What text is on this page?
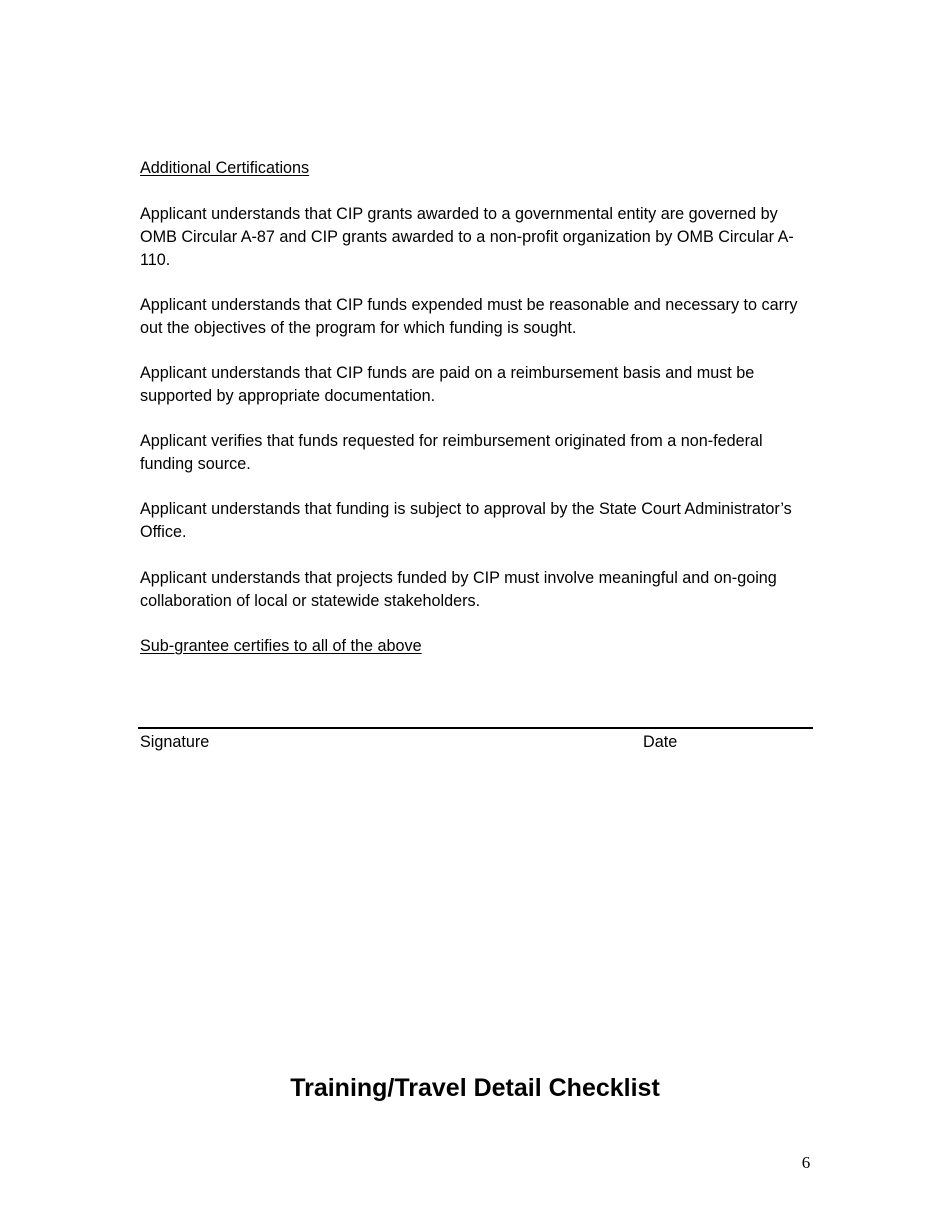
Additional Certifications

Applicant understands that CIP grants awarded to a governmental entity are governed by OMB Circular A-87 and CIP grants awarded to a non-profit organization by OMB Circular A-110.

Applicant understands that CIP funds expended must be reasonable and necessary to carry out the objectives of the program for which funding is sought.

Applicant understands that CIP funds are paid on a reimbursement basis and must be supported by appropriate documentation.

Applicant verifies that funds requested for reimbursement originated from a non-federal funding source.

Applicant understands that funding is subject to approval by the State Court Administrator’s Office.

Applicant understands that projects funded by CIP must involve meaningful and on-going collaboration of local or statewide stakeholders.

Sub-grantee certifies to all of the above

Signature	Date
Training/Travel Detail Checklist
6
